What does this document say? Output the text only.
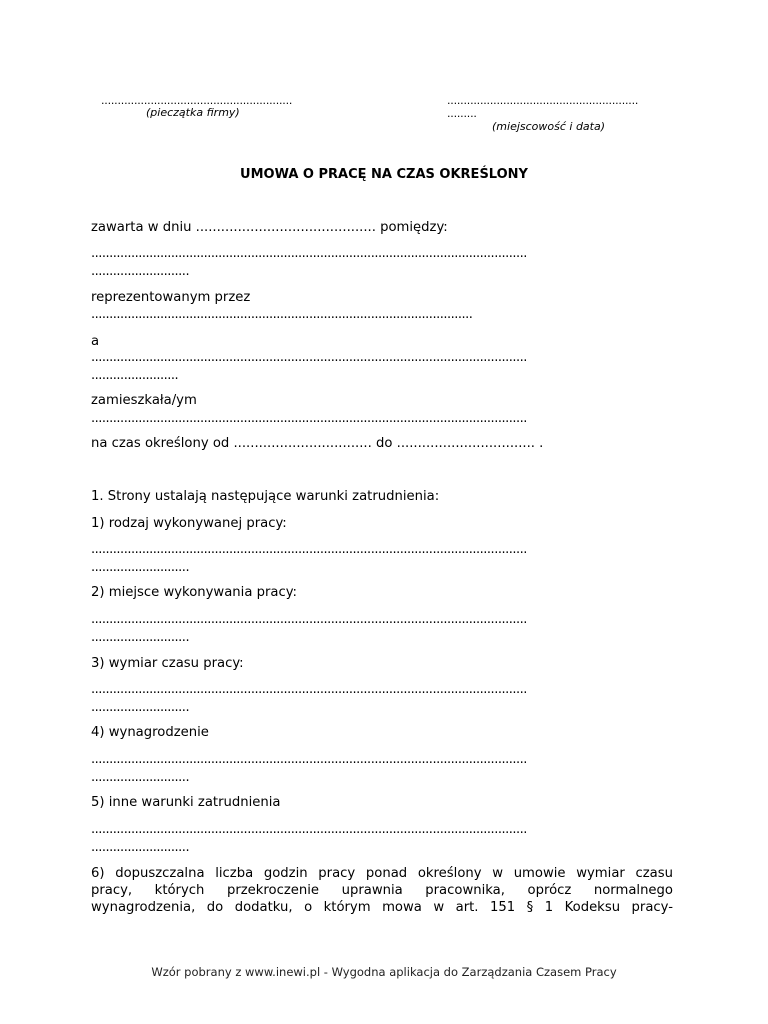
..........................................................
(pieczątka firmy)
..........................................................
.........
(miejscowość i data)
UMOWA O PRACĘ NA CZAS OKREŚLONY
zawarta w dniu ........................................... pomiędzy:
........................................................................................................................
...........................
reprezentowanym przez
.........................................................................................................
a
........................................................................................................................
........................
zamieszkała/ym
........................................................................................................................
na czas określony od ................................. do ................................. .
1. Strony ustalają następujące warunki zatrudnienia:
1) rodzaj wykonywanej pracy:
........................................................................................................................
...........................
2) miejsce wykonywania pracy:
........................................................................................................................
...........................
3) wymiar czasu pracy:
........................................................................................................................
...........................
4) wynagrodzenie
........................................................................................................................
...........................
5) inne warunki zatrudnienia
........................................................................................................................
...........................
6) dopuszczalna liczba godzin pracy ponad określony w umowie wymiar czasu
pracy, których przekroczenie uprawnia pracownika, oprócz normalnego
wynagrodzenia, do dodatku, o którym mowa w art. 151 § 1 Kodeksu pracy-
Wzór pobrany z www.inewi.pl - Wygodna aplikacja do Zarządzania Czasem Pracy
